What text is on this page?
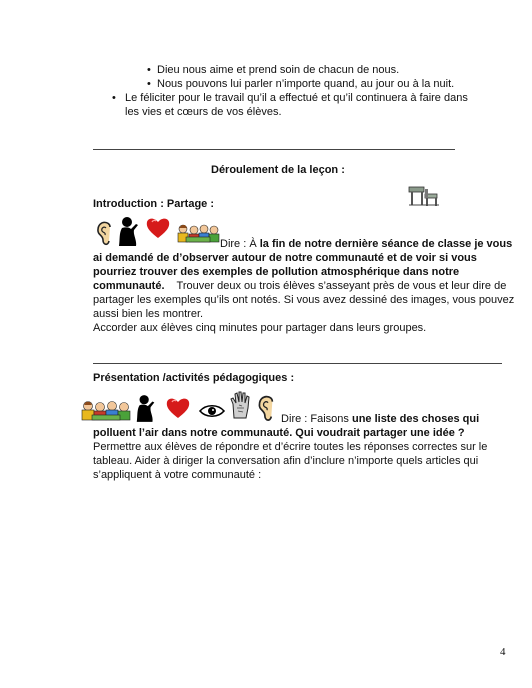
• Dieu nous aime et prend soin de chacun de nous.
• Nous pouvons lui parler n’importe quand, au jour ou à la nuit.
• Le féliciter pour le travail qu’il a effectué et qu’il continuera à faire dans
les vies et cœurs de vos élèves.
Déroulement de la leçon :
Introduction : Partage :
Dire : À la fin de notre dernière séance de classe je vous
ai demandé de d’observer autour de notre communauté et de voir si vous
pourriez trouver des exemples de pollution atmosphérique dans notre
communauté.    Trouver deux ou trois élèves s’asseyant près de vous et leur dire de
partager les exemples qu’ils ont notés. Si vous avez dessiné des images, vous pouvez
aussi bien les montrer.
Accorder aux élèves cinq minutes pour partager dans leurs groupes.
Présentation /activités pédagogiques :
Dire : Faisons une liste des choses qui
polluent l’air dans notre communauté. Qui voudrait partager une idée ?
Permettre aux élèves de répondre et d’écrire toutes les réponses correctes sur le
tableau. Aider à diriger la conversation afin d’inclure n’importe quels articles qui
s’appliquent à votre communauté :
4
